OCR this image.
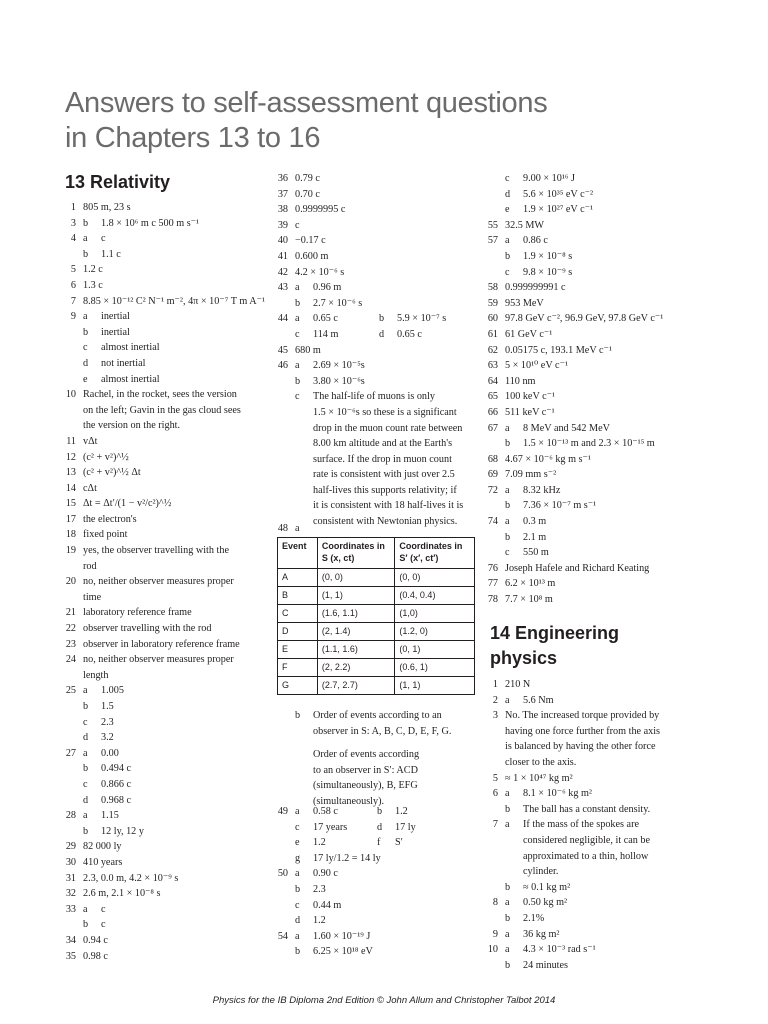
Answers to self-assessment questions
in Chapters 13 to 16
13 Relativity
1 805 m, 23 s
3 b 1.8 × 10⁶ m c 500 m s⁻¹
4 a c
b 1.1 c
5 1.2 c
6 1.3 c
7 8.85 × 10⁻¹² C² N⁻¹ m⁻², 4π × 10⁻⁷ T m A⁻¹
9 a inertial
b inertial
c almost inertial
d not inertial
e almost inertial
10 Rachel, in the rocket, sees the version
on the left; Gavin in the gas cloud sees
the version on the right.
11 vΔt
12 (c² + v²)^½
13 (c² + v²)^½ Δt
14 cΔt
15 Δt = Δt′/(1 − v²/c²)^½
17 the electron's
18 fixed point
19 yes, the observer travelling with the
rod
20 no, neither observer measures proper
time
21 laboratory reference frame
22 observer travelling with the rod
23 observer in laboratory reference frame
24 no, neither observer measures proper
length
25 a 1.005
b 1.5
c 2.3
d 3.2
27 a 0.00
b 0.494 c
c 0.866 c
d 0.968 c
28 a 1.15
b 12 ly, 12 y
29 82 000 ly
30 410 years
31 2.3, 0.0 m, 4.2 × 10⁻⁹ s
32 2.6 m, 2.1 × 10⁻⁸ s
33 a c
b c
34 0.94 c
35 0.98 c
36 0.79 c
37 0.70 c
38 0.9999995 c
39 c
40 −0.17 c
41 0.600 m
42 4.2 × 10⁻⁶ s
43 a 0.96 m
b 2.7 × 10⁻⁶ s
44 a 0.65 c	b 5.9 × 10⁻⁷ s
c 114 m	d 0.65 c
45 680 m
46 a 2.69 × 10⁻⁵s
b 3.80 × 10⁻⁶s
c The half-life of muons is only
1.5 × 10⁻⁶s so these is a significant
drop in the muon count rate between
8.00 km altitude and at the Earth's
surface. If the drop in muon count
rate is consistent with just over 2.5
half-lives this supports relativity; if
it is consistent with 18 half-lives it is
consistent with Newtonian physics.
48 a
Event	Coordinates in S (x, ct)	Coordinates in S′ (x′, ct′)
A	(0, 0)	(0, 0)
B	(1, 1)	(0.4, 0.4)
C	(1.6, 1.1)	(1,0)
D	(2, 1.4)	(1.2, 0)
E	(1.1, 1.6)	(0, 1)
F	(2, 2.2)	(0.6, 1)
G	(2.7, 2.7)	(1, 1)
b Order of events according to an
observer in S: A, B, C, D, E, F, G.
Order of events according
to an observer in S′: ACD
(simultaneously), B, EFG
(simultaneously).
49 a 0.58 c	b 1.2
c 17 years	d 17 ly
e 1.2	f S′
g 17 ly/1.2 = 14 ly
50 a 0.90 c
b 2.3
c 0.44 m
d 1.2
54 a 1.60 × 10⁻¹⁹ J
b 6.25 × 10¹⁸ eV
c 9.00 × 10¹⁶ J
d 5.6 × 10³⁵ eV c⁻²
e 1.9 × 10²⁷ eV c⁻¹
55 32.5 MW
57 a 0.86 c
b 1.9 × 10⁻⁸ s
c 9.8 × 10⁻⁹ s
58 0.999999991 c
59 953 MeV
60 97.8 GeV c⁻², 96.9 GeV, 97.8 GeV c⁻¹
61 61 GeV c⁻¹
62 0.05175 c, 193.1 MeV c⁻¹
63 5 × 10¹⁰ eV c⁻¹
64 110 nm
65 100 keV c⁻¹
66 511 keV c⁻¹
67 a 8 MeV and 542 MeV
b 1.5 × 10⁻¹³ m and 2.3 × 10⁻¹⁵ m
68 4.67 × 10⁻⁶ kg m s⁻¹
69 7.09 mm s⁻²
72 a 8.32 kHz
b 7.36 × 10⁻⁷ m s⁻¹
74 a 0.3 m
b 2.1 m
c 550 m
76 Joseph Hafele and Richard Keating
77 6.2 × 10¹³ m
78 7.7 × 10⁸ m
14 Engineering
physics
1 210 N
2 a 5.6 Nm
3 No. The increased torque provided by
having one force further from the axis
is balanced by having the other force
closer to the axis.
5 ≈ 1 × 10⁴⁷ kg m²
6 a 8.1 × 10⁻⁶ kg m²
b The ball has a constant density.
7 a If the mass of the spokes are
considered negligible, it can be
approximated to a thin, hollow
cylinder.
b ≈ 0.1 kg m²
8 a 0.50 kg m²
b 2.1%
9 a 36 kg m²
10 a 4.3 × 10⁻³ rad s⁻¹
b 24 minutes
Physics for the IB Diploma 2nd Edition © John Allum and Christopher Talbot 2014
